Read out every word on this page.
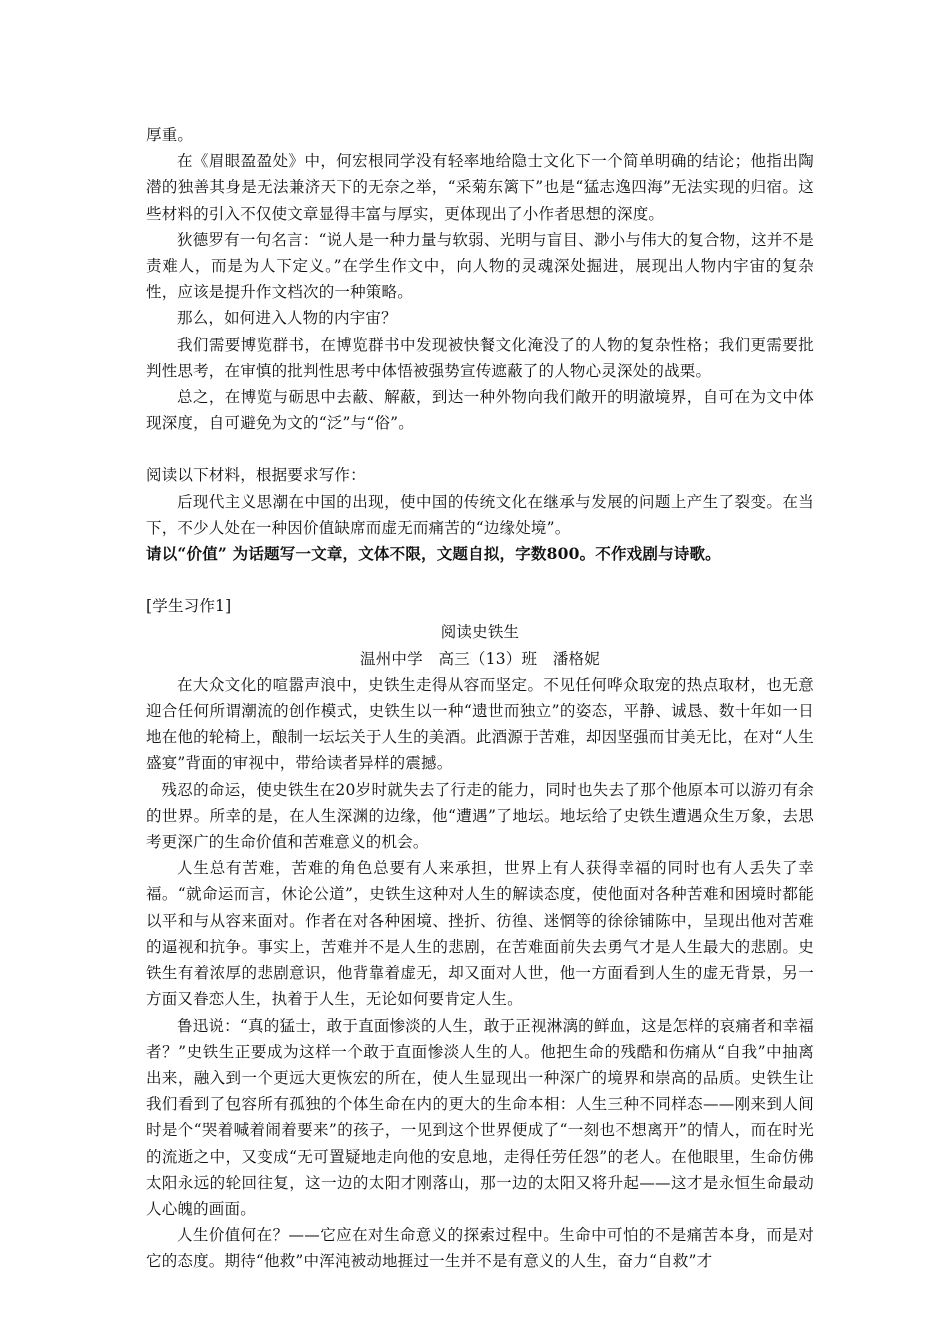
厚重。

在《眉眼盈盈处》中，何宏根同学没有轻率地给隐士文化下一个简单明确的结论；他指出陶潜的独善其身是无法兼济天下的无奈之举，“采菊东篱下”也是“猛志逸四海”无法实现的归宿。这些材料的引入不仅使文章显得丰富与厚实，更体现出了小作者思想的深度。

狄德罗有一句名言：“说人是一种力量与软弱、光明与盲目、渺小与伟大的复合物，这并不是责难人，而是为人下定义。”在学生作文中，向人物的灵魂深处掘进，展现出人物内宇宙的复杂性，应该是提升作文档次的一种策略。

那么，如何进入人物的内宇宙？

我们需要博览群书，在博览群书中发现被快餐文化淹没了的人物的复杂性格；我们更需要批判性思考，在审慎的批判性思考中体悟被强势宣传遮蔽了的人物心灵深处的战栗。

总之，在博览与砺思中去蔽、解蔽，到达一种外物向我们敞开的明澈境界，自可在为文中体现深度，自可避免为文的“泛”与“俗”。

阅读以下材料，根据要求写作：

后现代主义思潮在中国的出现，使中国的传统文化在继承与发展的问题上产生了裂变。在当下，不少人处在一种因价值缺席而虚无而痛苦的“边缘处境”。

请以“价值” 为话题写一文章，文体不限，文题自拟，字数800。不作戏剧与诗歌。

[学生习作1]

阅读史铁生

温州中学　高三（13）班　潘格妮

在大众文化的喧嚣声浪中，史铁生走得从容而坚定。不见任何哗众取宠的热点取材，也无意迎合任何所谓潮流的创作模式，史铁生以一种“遗世而独立”的姿态，平静、诚恳、数十年如一日地在他的轮椅上，酿制一坛坛关于人生的美酒。此酒源于苦难，却因坚强而甘美无比，在对“人生盛宴”背面的审视中，带给读者异样的震撼。

残忍的命运，使史铁生在20岁时就失去了行走的能力，同时也失去了那个他原本可以游刃有余的世界。所幸的是，在人生深渊的边缘，他“遭遇”了地坛。地坛给了史铁生遭遇众生万象，去思考更深广的生命价值和苦难意义的机会。

人生总有苦难，苦难的角色总要有人来承担，世界上有人获得幸福的同时也有人丢失了幸福。“就命运而言，休论公道”，史铁生这种对人生的解读态度，使他面对各种苦难和困境时都能以平和与从容来面对。作者在对各种困境、挫折、彷徨、迷惘等的徐徐铺陈中，呈现出他对苦难的逼视和抗争。事实上，苦难并不是人生的悲剧，在苦难面前失去勇气才是人生最大的悲剧。史铁生有着浓厚的悲剧意识，他背靠着虚无，却又面对人世，他一方面看到人生的虚无背景，另一方面又眷恋人生，执着于人生，无论如何要肯定人生。

鲁迅说：“真的猛士，敢于直面惨淡的人生，敢于正视淋漓的鲜血，这是怎样的哀痛者和幸福者？”史铁生正要成为这样一个敢于直面惨淡人生的人。他把生命的残酷和伤痛从“自我”中抽离出来，融入到一个更远大更恢宏的所在，使人生显现出一种深广的境界和崇高的品质。史铁生让我们看到了包容所有孤独的个体生命在内的更大的生命本相：人生三种不同样态——刚来到人间时是个“哭着喊着闹着要来”的孩子，一见到这个世界便成了“一刻也不想离开”的情人，而在时光的流逝之中，又变成“无可置疑地走向他的安息地，走得任劳任怨”的老人。在他眼里，生命仿佛太阳永远的轮回往复，这一边的太阳才刚落山，那一边的太阳又将升起——这才是永恒生命最动人心魄的画面。

人生价值何在？——它应在对生命意义的探索过程中。生命中可怕的不是痛苦本身，而是对它的态度。期待“他救”中浑沌被动地捱过一生并不是有意义的人生，奋力“自救”才
